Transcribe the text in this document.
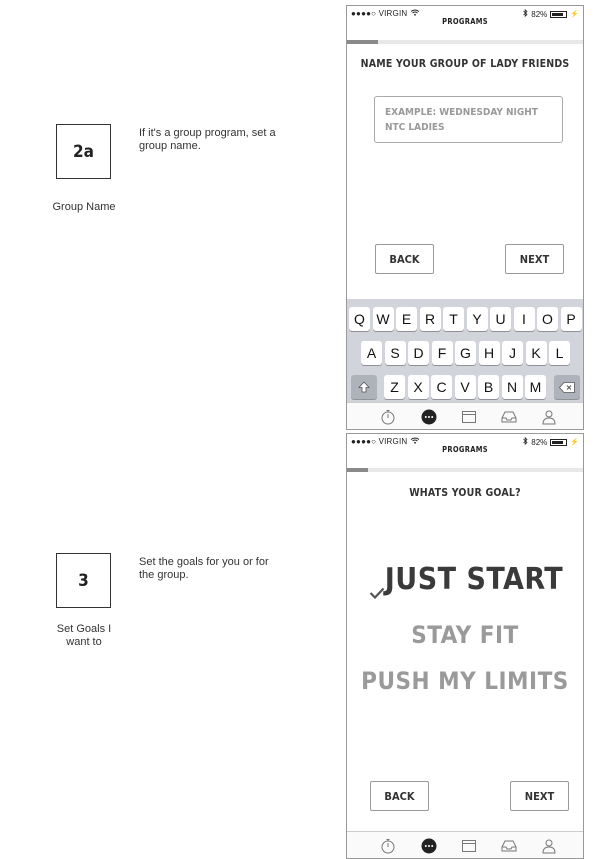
2a
Group Name
If it's a group program, set a group name.
3
Set Goals I want to
Set the goals for you or for the group.
●●●●○ VIRGIN
PROGRAMS
82%	⚡
NAME YOUR GROUP OF LADY FRIENDS
EXAMPLE: WEDNESDAY NIGHT NTC LADIES
BACK	NEXT
Q W E R	T	Y U	I	O P
A	S D	F G H	J	K	L
Z	X C V	B N M
●●●●○ VIRGIN
PROGRAMS
82%	⚡
WHATS YOUR GOAL?
JUST START
STAY FIT
PUSH MY LIMITS
BACK	NEXT
